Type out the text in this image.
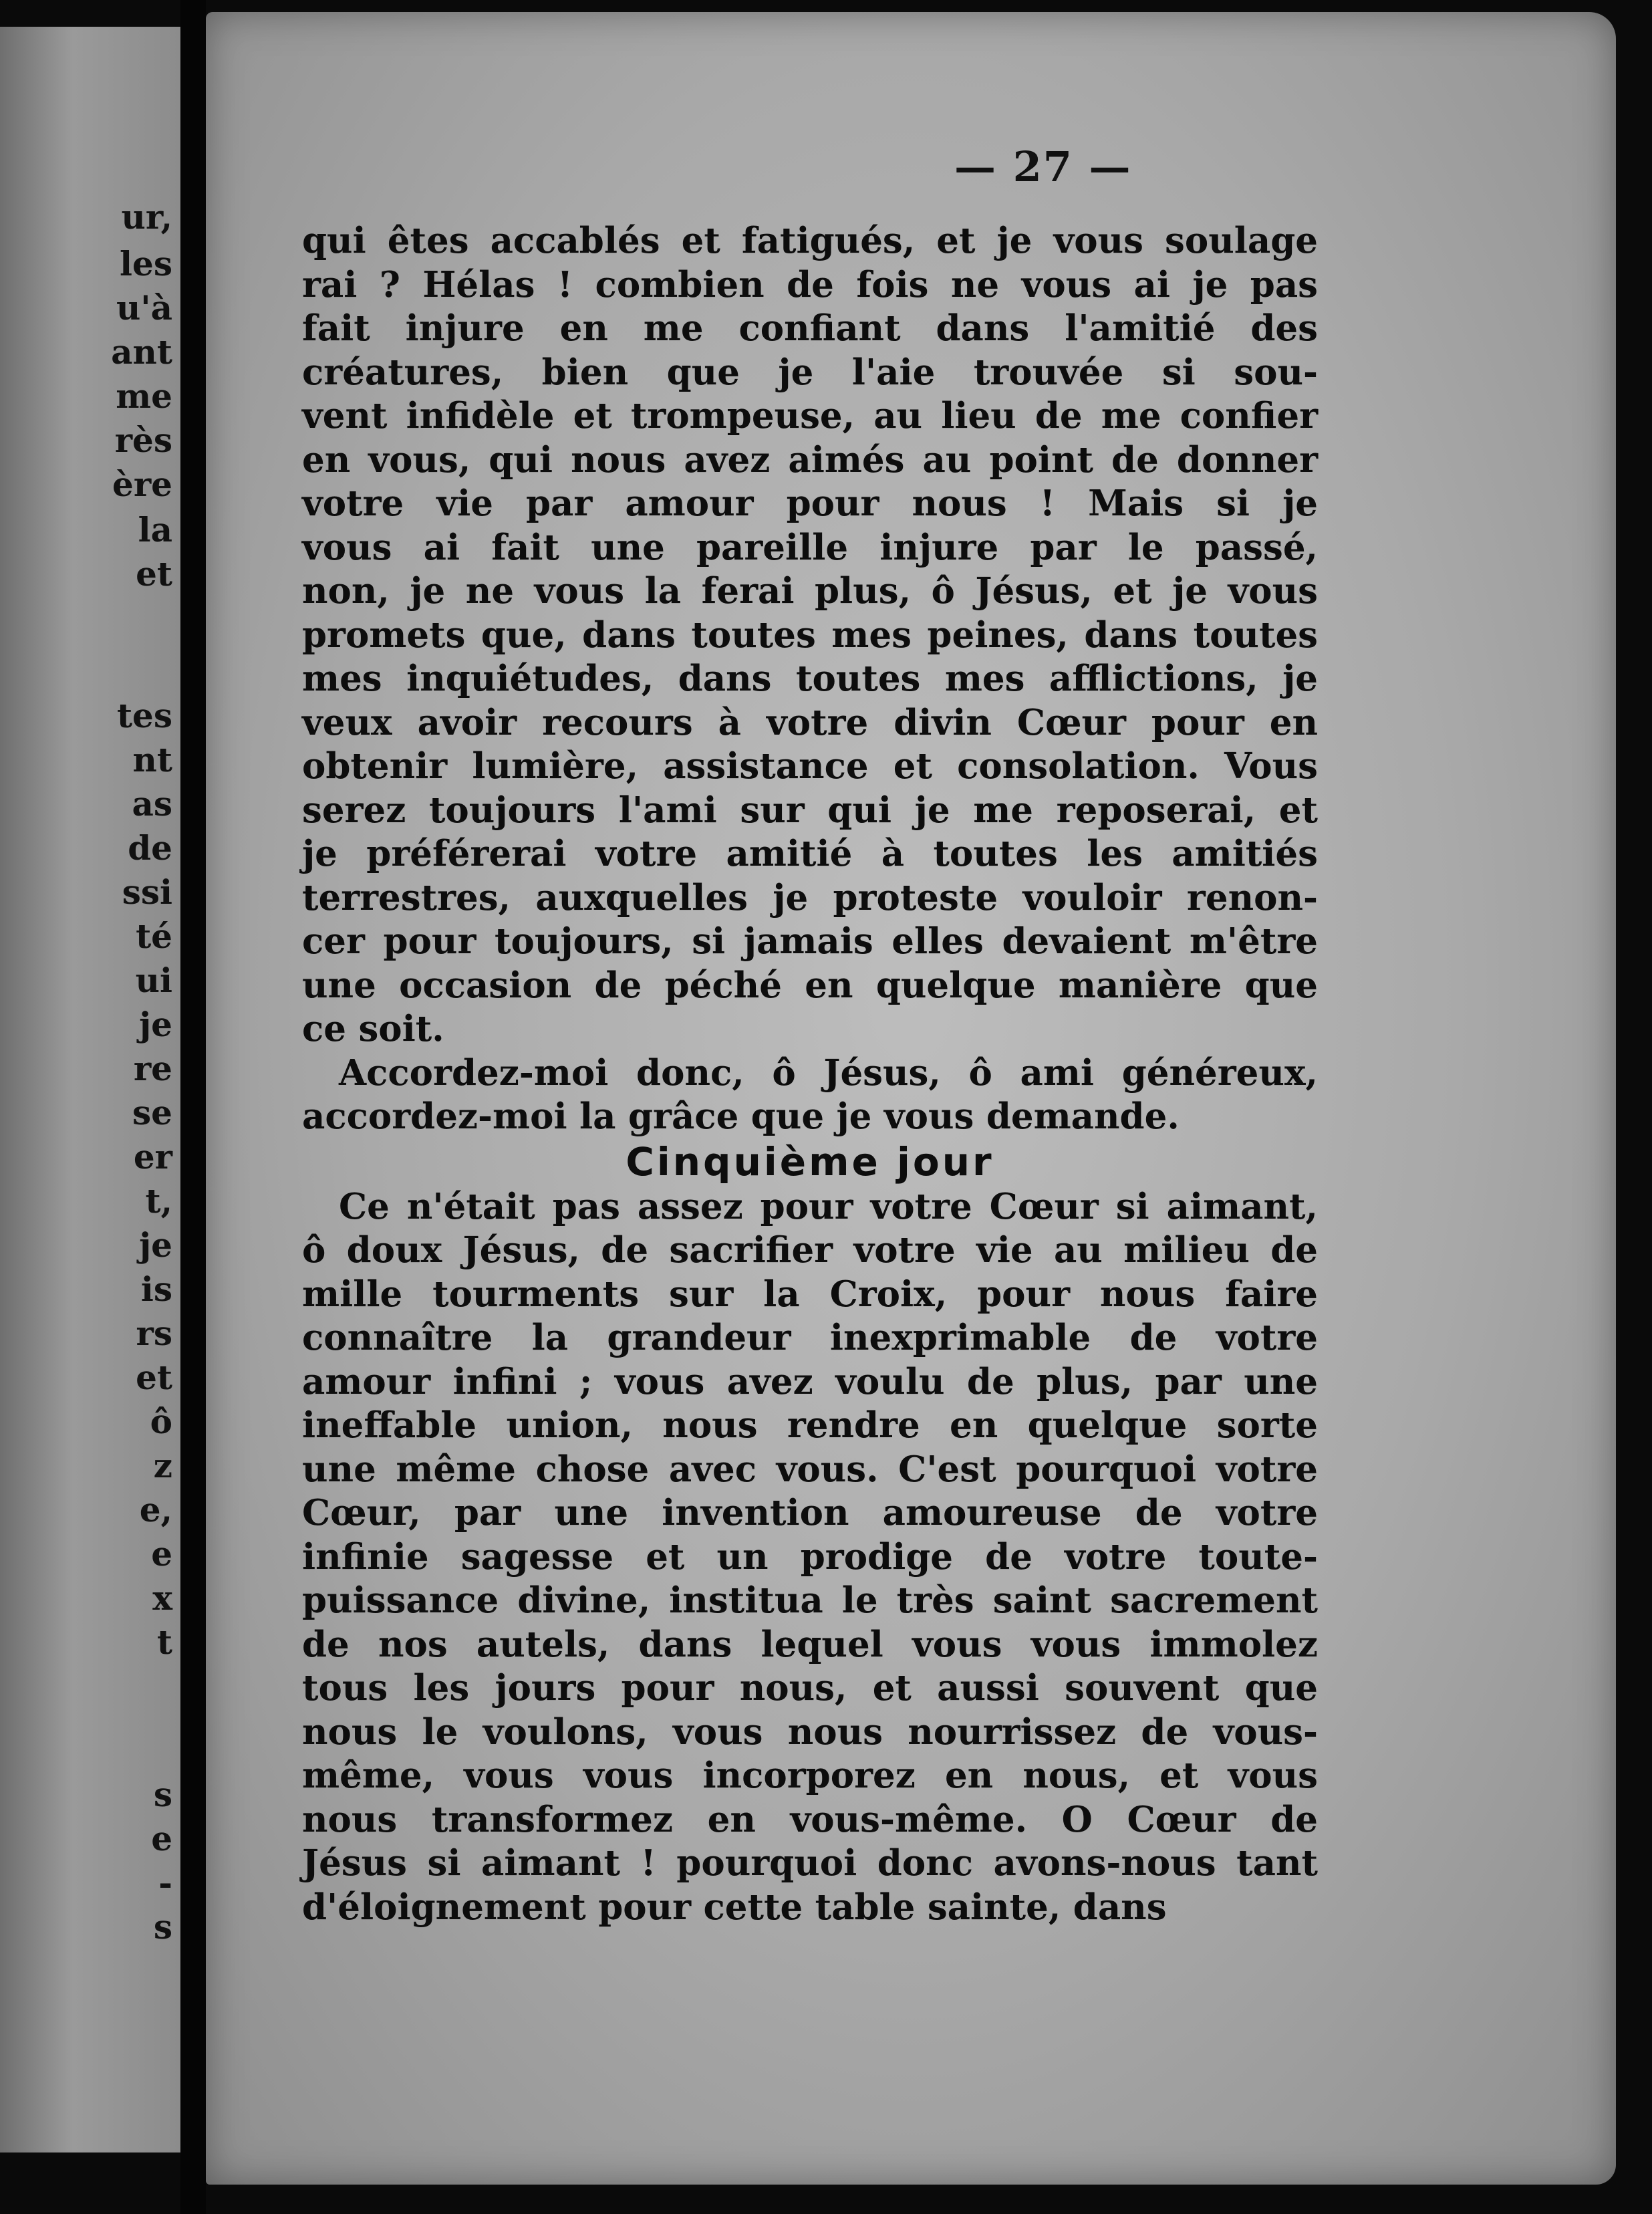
ur,
les
u'à
ant
me
rès
ère
la
et
tes
nt
as
de
ssi
té
ui
je
re
se
er
t,
je
is
rs
et
ô
z
e,
e
x
t
s
e
-
s
— 27 —
qui êtes accablés et fatigués, et je vous soulage
rai ? Hélas ! combien de fois ne vous ai je pas
fait injure en me confiant dans l'amitié des
créatures, bien que je l'aie trouvée si sou-
vent infidèle et trompeuse, au lieu de me confier
en vous, qui nous avez aimés au point de donner
votre vie par amour pour nous ! Mais si je
vous ai fait une pareille injure par le passé,
non, je ne vous la ferai plus, ô Jésus, et je vous
promets que, dans toutes mes peines, dans toutes
mes inquiétudes, dans toutes mes afflictions, je
veux avoir recours à votre divin Cœur pour en
obtenir lumière, assistance et consolation. Vous
serez toujours l'ami sur qui je me reposerai, et
je préférerai votre amitié à toutes les amitiés
terrestres, auxquelles je proteste vouloir renon-
cer pour toujours, si jamais elles devaient m'être
une occasion de péché en quelque manière que
ce soit.
Accordez-moi donc, ô Jésus, ô ami généreux,
accordez-moi la grâce que je vous demande.
Cinquième jour
Ce n'était pas assez pour votre Cœur si aimant,
ô doux Jésus, de sacrifier votre vie au milieu de
mille tourments sur la Croix, pour nous faire
connaître la grandeur inexprimable de votre
amour infini ; vous avez voulu de plus, par une
ineffable union, nous rendre en quelque sorte
une même chose avec vous. C'est pourquoi votre
Cœur, par une invention amoureuse de votre
infinie sagesse et un prodige de votre toute-
puissance divine, institua le très saint sacrement
de nos autels, dans lequel vous vous immolez
tous les jours pour nous, et aussi souvent que
nous le voulons, vous nous nourrissez de vous-
même, vous vous incorporez en nous, et vous
nous transformez en vous-même. O Cœur de
Jésus si aimant ! pourquoi donc avons-nous tant
d'éloignement pour cette table sainte, dans
